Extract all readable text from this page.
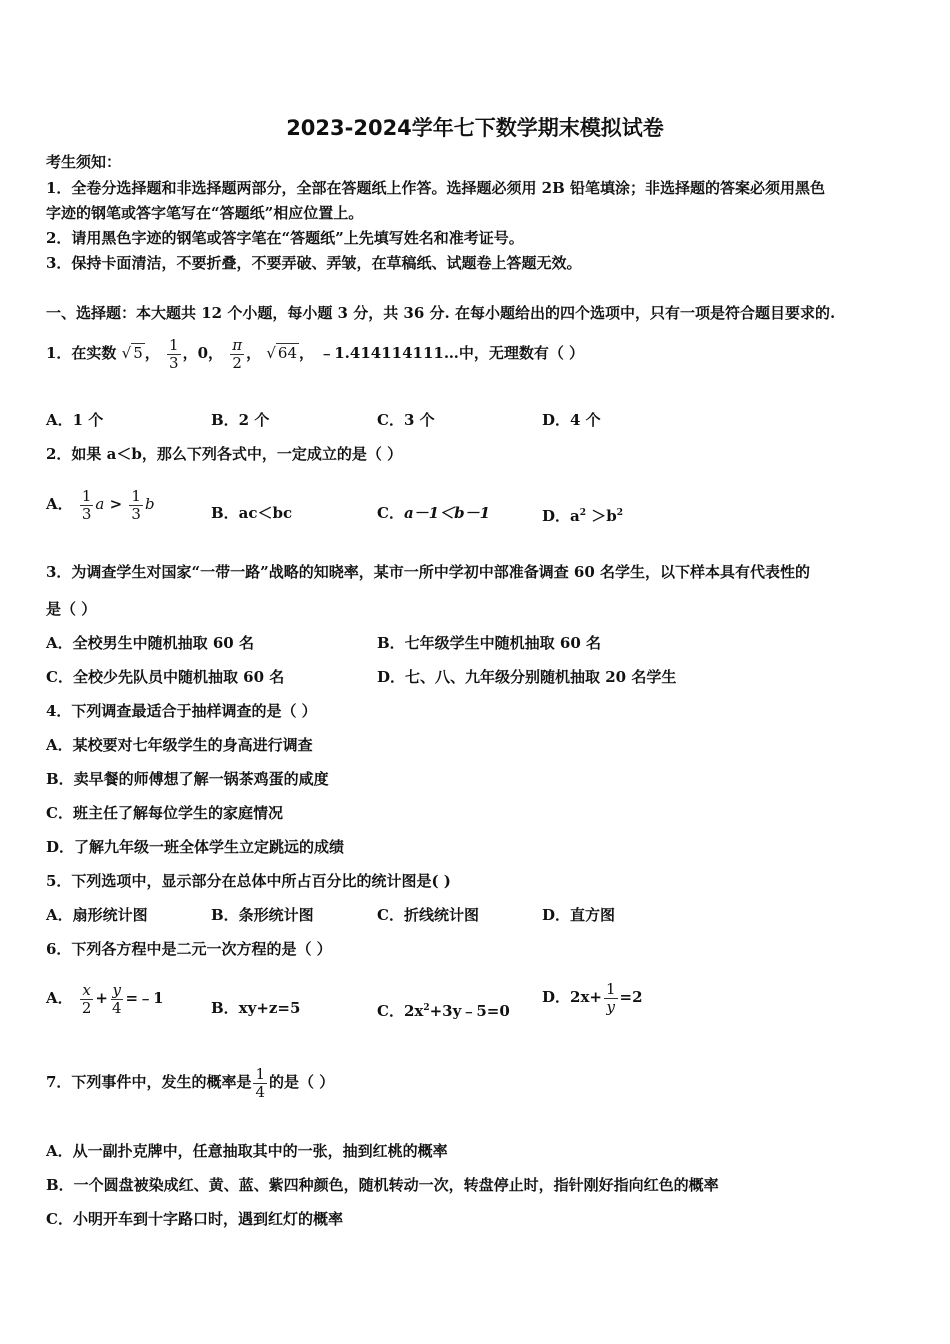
2023-2024学年七下数学期末模拟试卷
考生须知：
1．全卷分选择题和非选择题两部分，全部在答题纸上作答。选择题必须用 2B 铅笔填涂；非选择题的答案必须用黑色
字迹的钢笔或答字笔写在“答题纸”相应位置上。
2．请用黑色字迹的钢笔或答字笔在“答题纸”上先填写姓名和准考证号。
3．保持卡面清洁，不要折叠，不要弄破、弄皱，在草稿纸、试题卷上答题无效。
一、选择题：本大题共 12 个小题，每小题 3 分，共 36 分. 在每小题给出的四个选项中，只有一项是符合题目要求的.
1．在实数 √ 5 ， $\frac{1}{3}$ ，0， $\frac{\pi}{2}$ ， √ 64 ， ﹣1.414114111…中，无理数有（ ）
A．1 个	B．2 个	C．3 个	D．4 个
2．如果 a＜b，那么下列各式中，一定成立的是（ ）
A． $\frac{1}{3}$ $a > \frac{1}{3}$ b	B．ac＜bc	C．a－1＜b－1	D．$a^2 >b^2$
3．为调查学生对国家“一带一路”战略的知晓率，某市一所中学初中部准备调查 60 名学生，以下样本具有代表性的
是（ ）
A．全校男生中随机抽取 60 名	B．七年级学生中随机抽取 60 名
C．全校少先队员中随机抽取 60 名	D．七、八、九年级分别随机抽取 20 名学生
4．下列调查最适合于抽样调查的是（ ）
A．某校要对七年级学生的身高进行调查
B．卖早餐的师傅想了解一锅茶鸡蛋的咸度
C．班主任了解每位学生的家庭情况
D．了解九年级一班全体学生立定跳远的成绩
5．下列选项中，显示部分在总体中所占百分比的统计图是( )
A．扇形统计图	B．条形统计图	C．折线统计图	D．直方图
6．下列各方程中是二元一次方程的是（ ）
A． $\frac{x}{2} + \frac{y}{4}$ =﹣1
B．xy+z=5	C．$2x^2+3y﹣5=0$
D．$2x+ \frac{1}{y} =2$
7．下列事件中，发生的概率是 $\frac{1}{4}$ 的是（ ）
A．从一副扑克牌中，任意抽取其中的一张，抽到红桃的概率
B．一个圆盘被染成红、黄、蓝、紫四种颜色，随机转动一次，转盘停止时，指针刚好指向红色的概率
C．小明开车到十字路口时，遇到红灯的概率
